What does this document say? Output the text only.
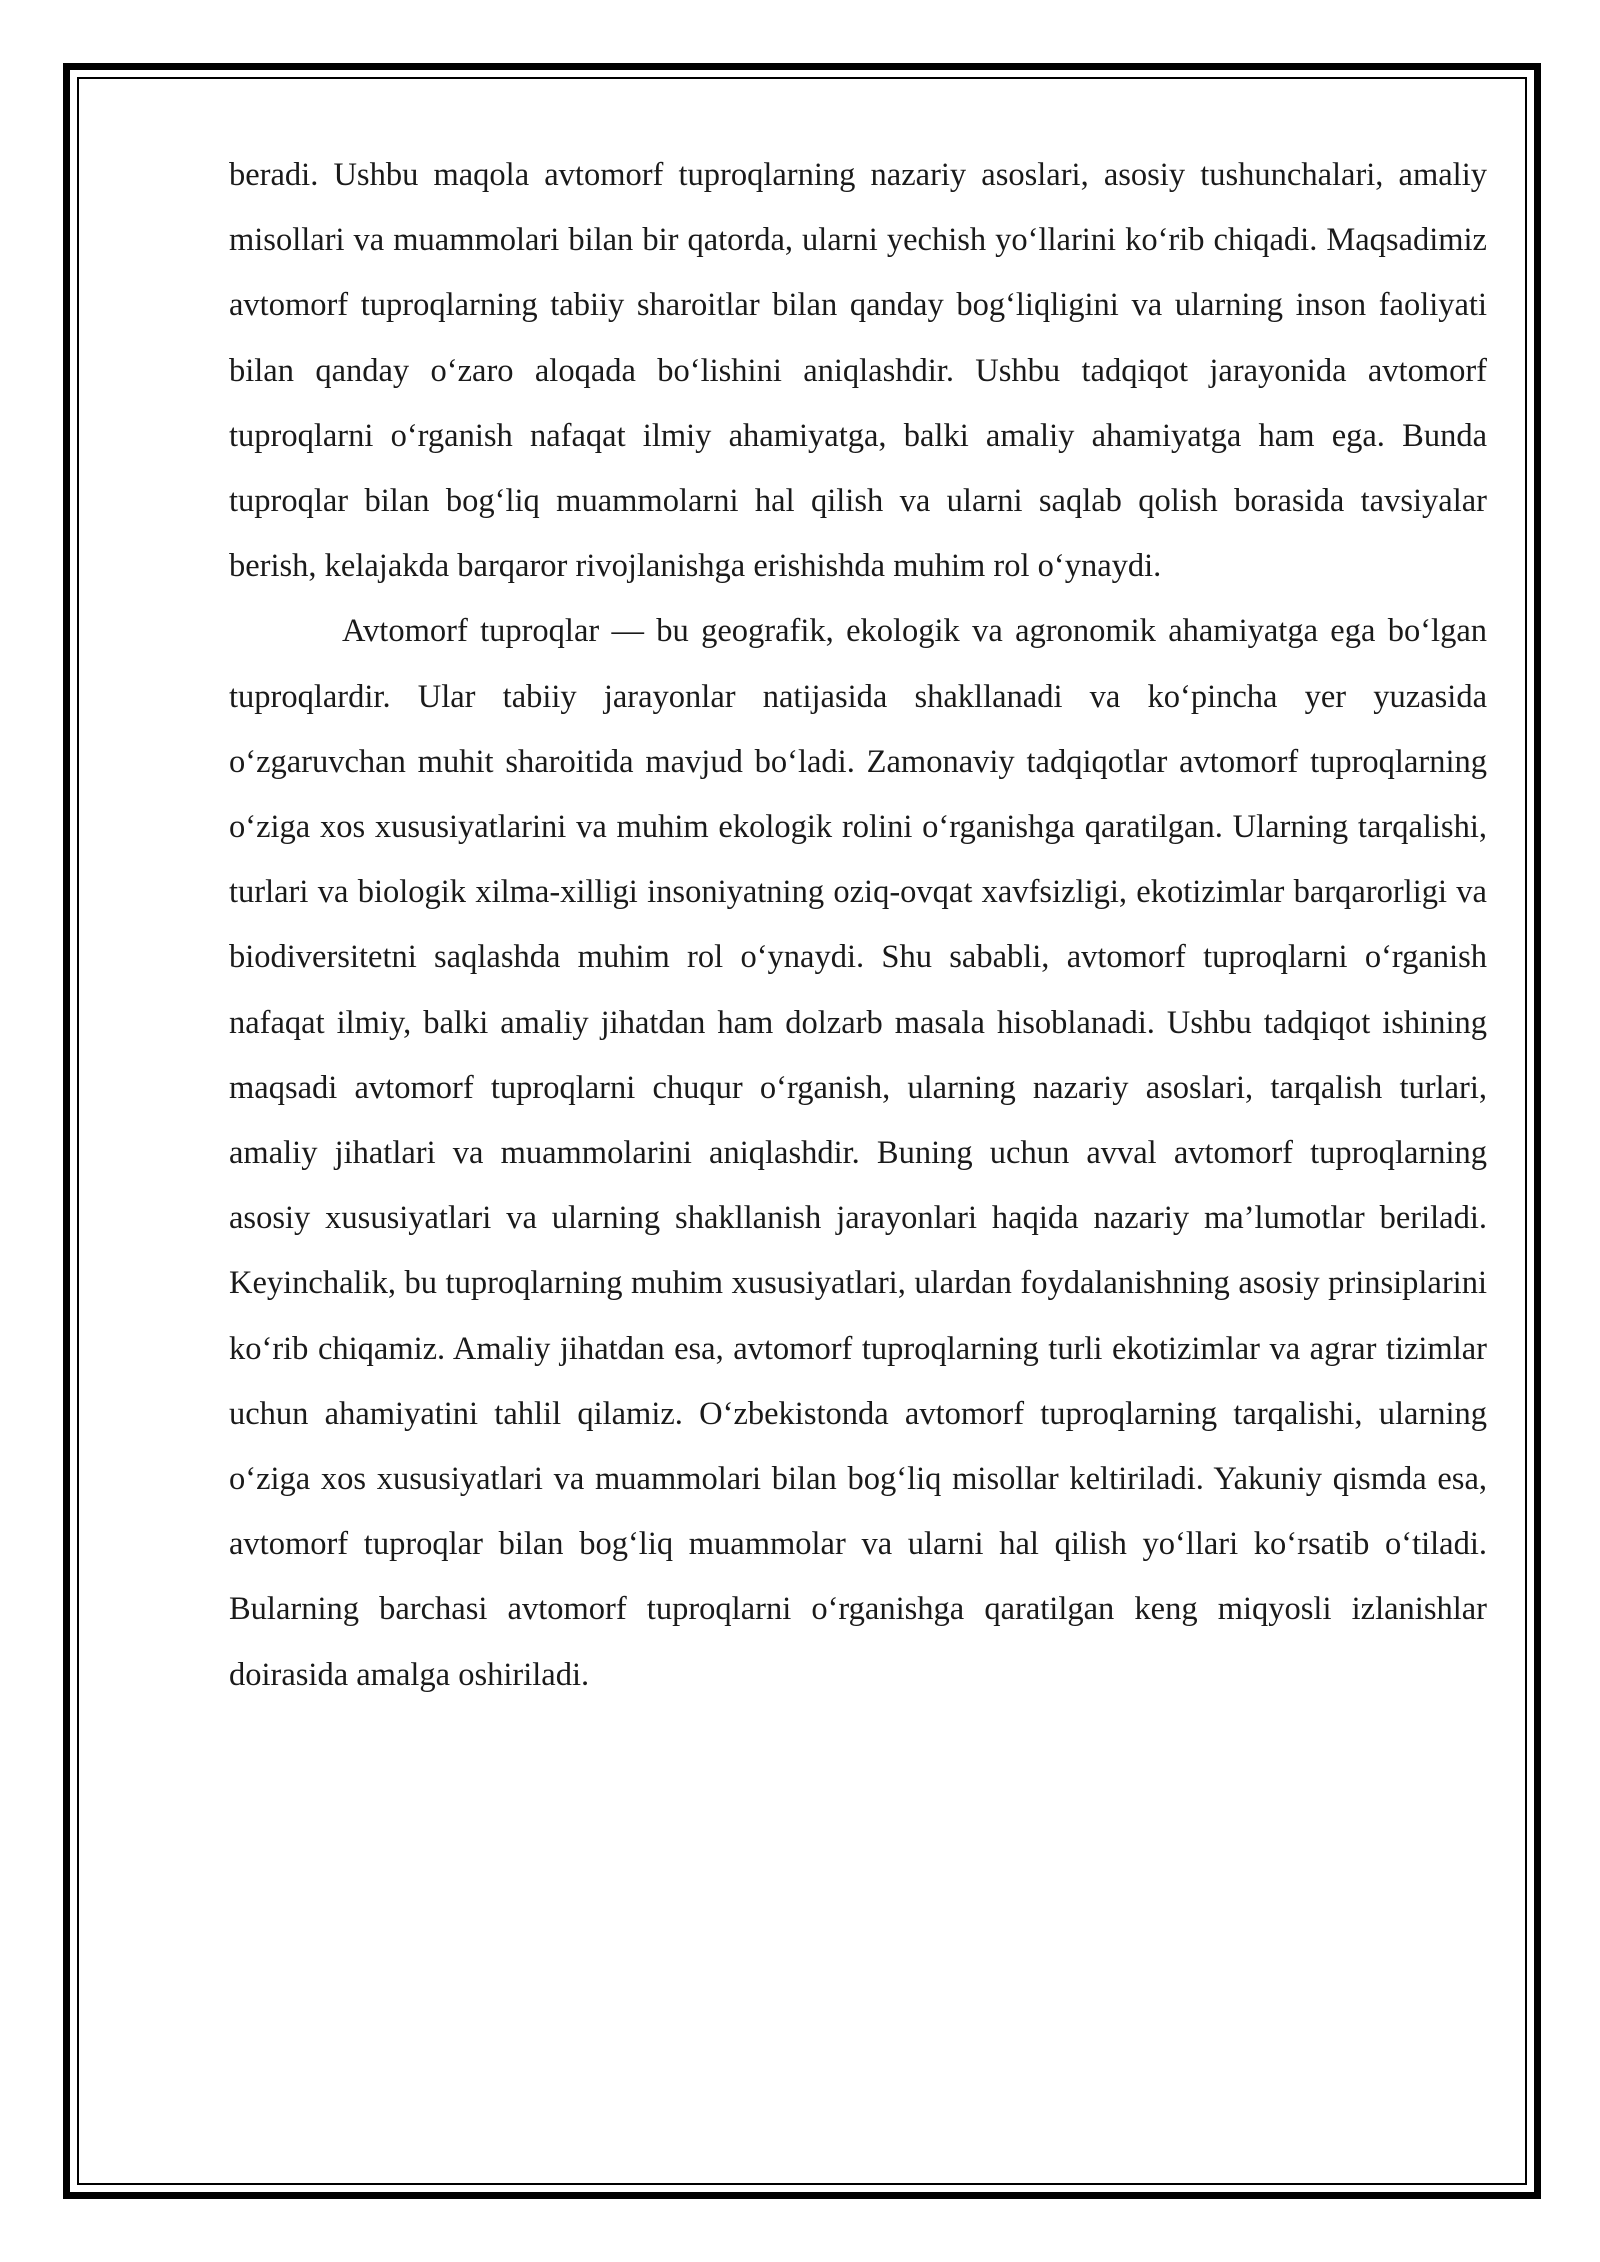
beradi. Ushbu maqola avtomorf tuproqlarning nazariy asoslari, asosiy tushunchalari, amaliy misollari va muammolari bilan bir qatorda, ularni yechish yo‘llarini ko‘rib chiqadi. Maqsadimiz avtomorf tuproqlarning tabiiy sharoitlar bilan qanday bog‘liqligini va ularning inson faoliyati bilan qanday o‘zaro aloqada bo‘lishini aniqlashdir. Ushbu tadqiqot jarayonida avtomorf tuproqlarni o‘rganish nafaqat ilmiy ahamiyatga, balki amaliy ahamiyatga ham ega. Bunda tuproqlar bilan bog‘liq muammolarni hal qilish va ularni saqlab qolish borasida tavsiyalar berish, kelajakda barqaror rivojlanishga erishishda muhim rol o‘ynaydi.

Avtomorf tuproqlar — bu geografik, ekologik va agronomik ahamiyatga ega bo‘lgan tuproqlardir. Ular tabiiy jarayonlar natijasida shakllanadi va ko‘pincha yer yuzasida o‘zgaruvchan muhit sharoitida mavjud bo‘ladi. Zamonaviy tadqiqotlar avtomorf tuproqlarning o‘ziga xos xususiyatlarini va muhim ekologik rolini o‘rganishga qaratilgan. Ularning tarqalishi, turlari va biologik xilma-xilligi insoniyatning oziq-ovqat xavfsizligi, ekotizimlar barqarorligi va biodiversitetni saqlashda muhim rol o‘ynaydi. Shu sababli, avtomorf tuproqlarni o‘rganish nafaqat ilmiy, balki amaliy jihatdan ham dolzarb masala hisoblanadi. Ushbu tadqiqot ishining maqsadi avtomorf tuproqlarni chuqur o‘rganish, ularning nazariy asoslari, tarqalish turlari, amaliy jihatlari va muammolarini aniqlashdir. Buning uchun avval avtomorf tuproqlarning asosiy xususiyatlari va ularning shakllanish jarayonlari haqida nazariy ma’lumotlar beriladi. Keyinchalik, bu tuproqlarning muhim xususiyatlari, ulardan foydalanishning asosiy prinsiplarini ko‘rib chiqamiz. Amaliy jihatdan esa, avtomorf tuproqlarning turli ekotizimlar va agrar tizimlar uchun ahamiyatini tahlil qilamiz. O‘zbekistonda avtomorf tuproqlarning tarqalishi, ularning o‘ziga xos xususiyatlari va muammolari bilan bog‘liq misollar keltiriladi. Yakuniy qismda esa, avtomorf tuproqlar bilan bog‘liq muammolar va ularni hal qilish yo‘llari ko‘rsatib o‘tiladi. Bularning barchasi avtomorf tuproqlarni o‘rganishga qaratilgan keng miqyosli izlanishlar doirasida amalga oshiriladi.
